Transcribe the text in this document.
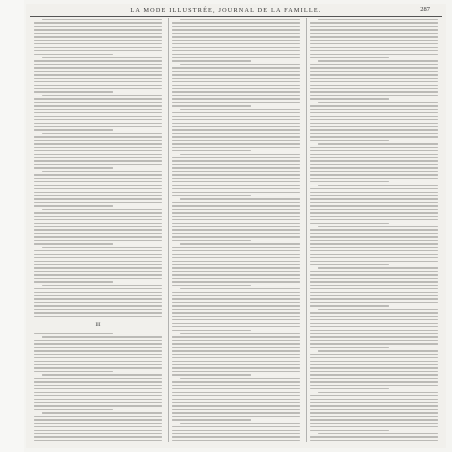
LA MODE ILLUSTRÉE, JOURNAL DE LA FAMILLE.	287
III
